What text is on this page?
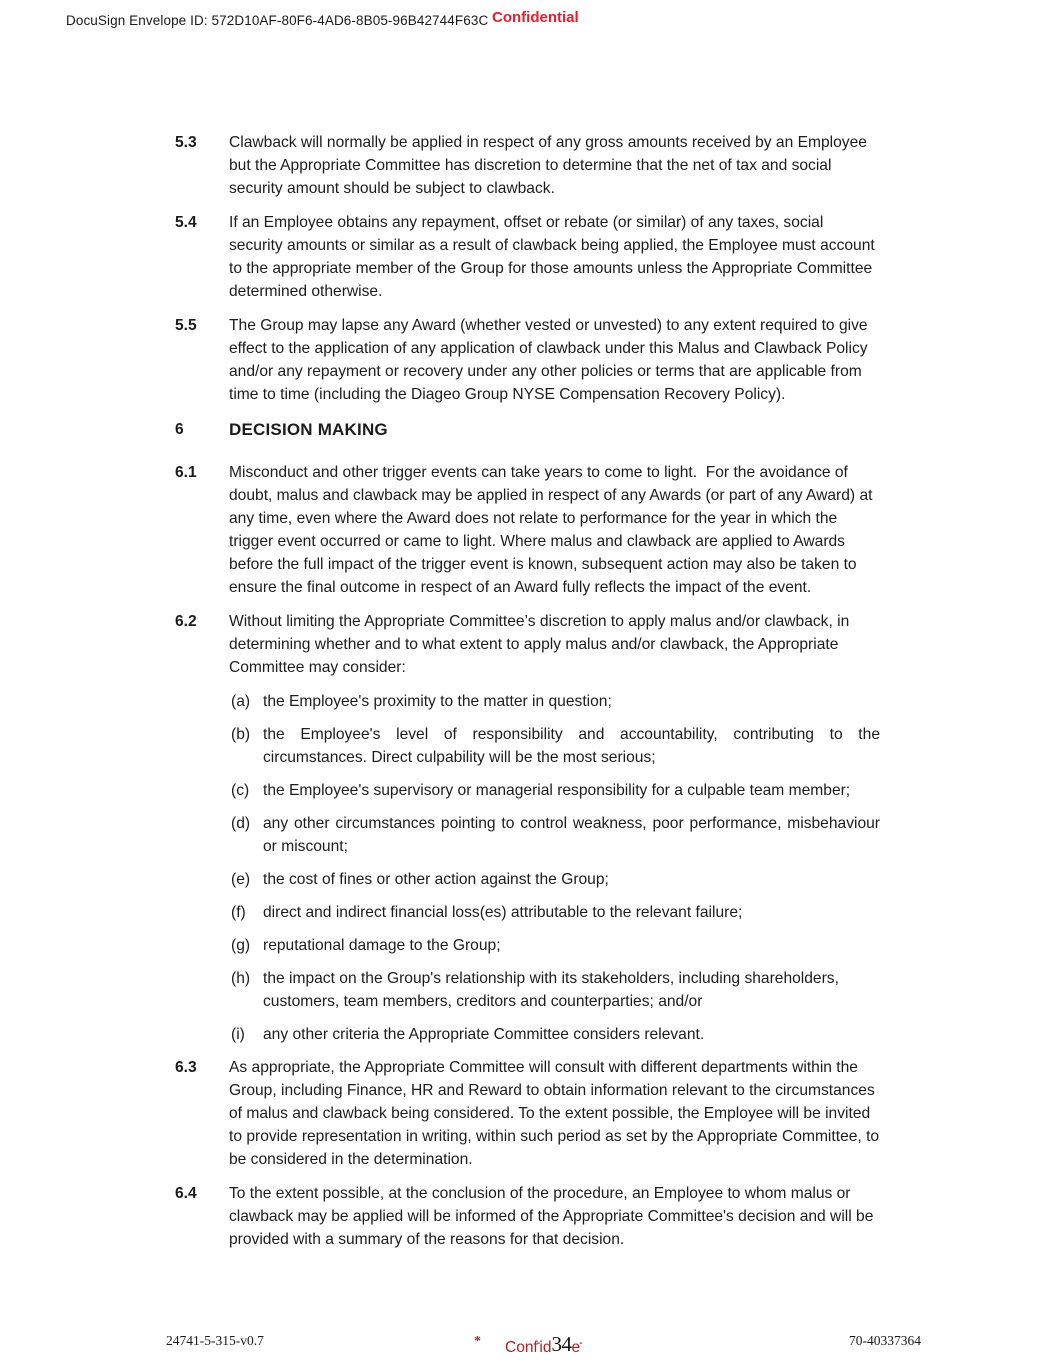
DocuSign Envelope ID: 572D10AF-80F6-4AD6-8B05-96B42744F63C Confidential
5.3	Clawback will normally be applied in respect of any gross amounts received by an Employee but the Appropriate Committee has discretion to determine that the net of tax and social security amount should be subject to clawback.

5.4	If an Employee obtains any repayment, offset or rebate (or similar) of any taxes, social security amounts or similar as a result of clawback being applied, the Employee must account to the appropriate member of the Group for those amounts unless the Appropriate Committee determined otherwise.

5.5	The Group may lapse any Award (whether vested or unvested) to any extent required to give effect to the application of any application of clawback under this Malus and Clawback Policy and/or any repayment or recovery under any other policies or terms that are applicable from time to time (including the Diageo Group NYSE Compensation Recovery Policy).

6	DECISION MAKING
6.1	Misconduct and other trigger events can take years to come to light.  For the avoidance of doubt, malus and clawback may be applied in respect of any Awards (or part of any Award) at any time, even where the Award does not relate to performance for the year in which the trigger event occurred or came to light. Where malus and clawback are applied to Awards before the full impact of the trigger event is known, subsequent action may also be taken to ensure the final outcome in respect of an Award fully reflects the impact of the event.

6.2	Without limiting the Appropriate Committee’s discretion to apply malus and/or clawback, in determining whether and to what extent to apply malus and/or clawback, the Appropriate Committee may consider:

(a) the Employee's proximity to the matter in question;

(b) the Employee's level of responsibility and accountability, contributing to the circumstances. Direct culpability will be the most serious;

(c) the Employee's supervisory or managerial responsibility for a culpable team member;

(d) any other circumstances pointing to control weakness, poor performance, misbehaviour or miscount;

(e) the cost of fines or other action against the Group;

(f)	direct and indirect financial loss(es) attributable to the relevant failure;

(g) reputational damage to the Group;

(h) the impact on the Group's relationship with its stakeholders, including shareholders, customers, team members, creditors and counterparties; and/or

(i)	any other criteria the Appropriate Committee considers relevant.

6.3	As appropriate, the Appropriate Committee will consult with different departments within the Group, including Finance, HR and Reward to obtain information relevant to the circumstances of malus and clawback being considered. To the extent possible, the Employee will be invited to provide representation in writing, within such period as set by the Appropriate Committee, to be considered in the determination.

6.4	To the extent possible, at the conclusion of the procedure, an Employee to whom malus or clawback may be applied will be informed of the Appropriate Committee's decision and will be provided with a summary of the reasons for that decision.

24741-5-315-v0.7	* Conf-id34e-	70-40337364
